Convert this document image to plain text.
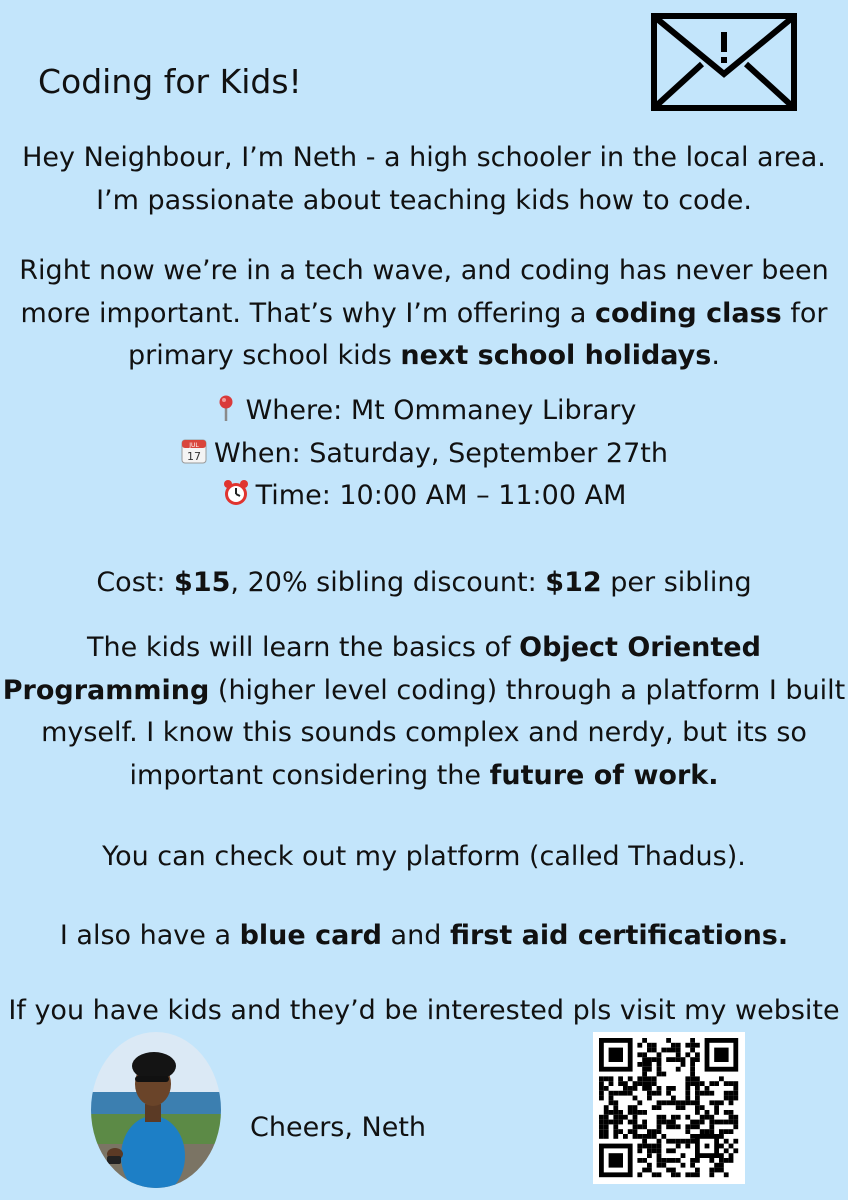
Coding for Kids!

Hey Neighbour, I’m Neth - a high schooler in the local area. I’m passionate about teaching kids how to code.

Right now we’re in a tech wave, and coding has never been more important. That’s why I’m offering a coding class for primary school kids next school holidays.

Where: Mt Ommaney Library
JUL
17 When: Saturday, September 27th
Time: 10:00 AM – 11:00 AM

Cost: $15, 20% sibling discount: $12 per sibling

The kids will learn the basics of Object Oriented Programming (higher level coding) through a platform I built myself. I know this sounds complex and nerdy, but its so important considering the future of work.

You can check out my platform (called Thadus).

I also have a blue card and first aid certifications.

If you have kids and they’d be interested pls visit my website

Cheers, Neth
